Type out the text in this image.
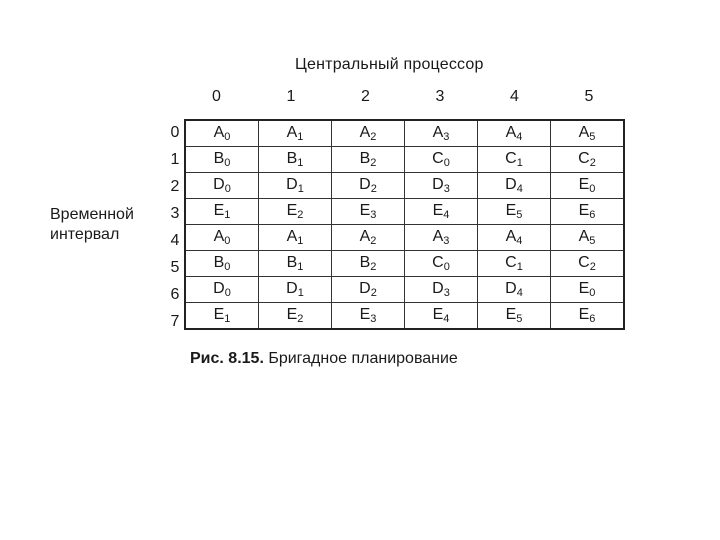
Центральный процессор
0	1	2	3	4	5
Временной
интервал
0
1
2
3
4
5
6
7
$A_0$	$A_1$	$A_2$	$A_3$	$A_4$	$A_5$
$B_0$	$B_1$	$B_2$	$C_0$	$C_1$	$C_2$
$D_0$	$D_1$	$D_2$	$D_3$	$D_4$	$E_0$
$E_1$	$E_2$	$E_3$	$E_4$	$E_5$	$E_6$
$A_0$	$A_1$	$A_2$	$A_3$	$A_4$	$A_5$
$B_0$	$B_1$	$B_2$	$C_0$	$C_1$	$C_2$
$D_0$	$D_1$	$D_2$	$D_3$	$D_4$	$E_0$
$E_1$	$E_2$	$E_3$	$E_4$	$E_5$	$E_6$
Рис. 8.15. Бригадное планирование
